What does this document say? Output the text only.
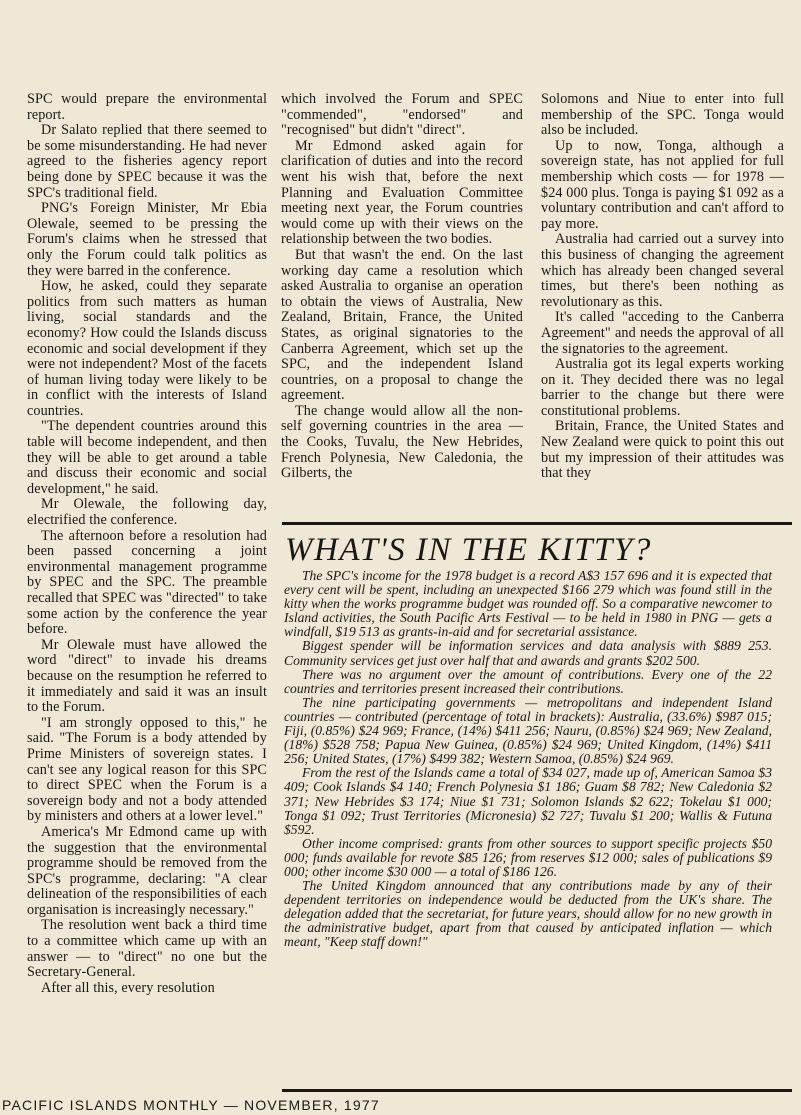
SPC would prepare the environmental report.

Dr Salato replied that there seemed to be some misunderstanding. He had never agreed to the fisheries agency report being done by SPEC because it was the SPC's traditional field.

PNG's Foreign Minister, Mr Ebia Olewale, seemed to be pressing the Forum's claims when he stressed that only the Forum could talk politics as they were barred in the conference.

How, he asked, could they separate politics from such matters as human living, social standards and the economy? How could the Islands discuss economic and social development if they were not independent? Most of the facets of human living today were likely to be in conflict with the interests of Island countries.

"The dependent countries around this table will become independent, and then they will be able to get around a table and discuss their economic and social development," he said.

Mr Olewale, the following day, electrified the conference.

The afternoon before a resolution had been passed concerning a joint environmental management programme by SPEC and the SPC. The preamble recalled that SPEC was "directed" to take some action by the conference the year before.

Mr Olewale must have allowed the word "direct" to invade his dreams because on the resumption he referred to it immediately and said it was an insult to the Forum.

"I am strongly opposed to this," he said. "The Forum is a body attended by Prime Ministers of sovereign states. I can't see any logical reason for this SPC to direct SPEC when the Forum is a sovereign body and not a body attended by ministers and others at a lower level."

America's Mr Edmond came up with the suggestion that the environmental programme should be removed from the SPC's programme, declaring: "A clear delineation of the responsibilities of each organisation is increasingly necessary."

The resolution went back a third time to a committee which came up with an answer — to "direct" no one but the Secretary-General.

After all this, every resolution

which involved the Forum and SPEC "commended", "endorsed" and "recognised" but didn't "direct".

Mr Edmond asked again for clarification of duties and into the record went his wish that, before the next Planning and Evaluation Committee meeting next year, the Forum countries would come up with their views on the relationship between the two bodies.

But that wasn't the end. On the last working day came a resolution which asked Australia to organise an operation to obtain the views of Australia, New Zealand, Britain, France, the United States, as original signatories to the Canberra Agreement, which set up the SPC, and the independent Island countries, on a proposal to change the agreement.

The change would allow all the non-self governing countries in the area — the Cooks, Tuvalu, the New Hebrides, French Polynesia, New Caledonia, the Gilberts, the

Solomons and Niue to enter into full membership of the SPC. Tonga would also be included.

Up to now, Tonga, although a sovereign state, has not applied for full membership which costs — for 1978 — $24 000 plus. Tonga is paying $1 092 as a voluntary contribution and can't afford to pay more.

Australia had carried out a survey into this business of changing the agreement which has already been changed several times, but there's been nothing as revolutionary as this.

It's called "acceding to the Canberra Agreement" and needs the approval of all the signatories to the agreement.

Australia got its legal experts working on it. They decided there was no legal barrier to the change but there were constitutional problems.

Britain, France, the United States and New Zealand were quick to point this out but my impression of their attitudes was that they

WHAT'S IN THE KITTY?

The SPC's income for the 1978 budget is a record A$3 157 696 and it is expected that every cent will be spent, including an unexpected $166 279 which was found still in the kitty when the works programme budget was rounded off. So a comparative newcomer to Island activities, the South Pacific Arts Festival — to be held in 1980 in PNG — gets a windfall, $19 513 as grants-in-aid and for secretarial assistance.

Biggest spender will be information services and data analysis with $889 253. Community services get just over half that and awards and grants $202 500.

There was no argument over the amount of contributions. Every one of the 22 countries and territories present increased their contributions.

The nine participating governments — metropolitans and independent Island countries — contributed (percentage of total in brackets): Australia, (33.6%) $987 015; Fiji, (0.85%) $24 969; France, (14%) $411 256; Nauru, (0.85%) $24 969; New Zealand, (18%) $528 758; Papua New Guinea, (0.85%) $24 969; United Kingdom, (14%) $411 256; United States, (17%) $499 382; Western Samoa, (0.85%) $24 969.

From the rest of the Islands came a total of $34 027, made up of, American Samoa $3 409; Cook Islands $4 140; French Polynesia $1 186; Guam $8 782; New Caledonia $2 371; New Hebrides $3 174; Niue $1 731; Solomon Islands $2 622; Tokelau $1 000; Tonga $1 092; Trust Territories (Micronesia) $2 727; Tuvalu $1 200; Wallis & Futuna $592.

Other income comprised: grants from other sources to support specific projects $50 000; funds available for revote $85 126; from reserves $12 000; sales of publications $9 000; other income $30 000 — a total of $186 126.

The United Kingdom announced that any contributions made by any of their dependent territories on independence would be deducted from the UK's share. The delegation added that the secretariat, for future years, should allow for no new growth in the administrative budget, apart from that caused by anticipated inflation — which meant, "Keep staff down!"

PACIFIC ISLANDS MONTHLY — NOVEMBER, 1977
